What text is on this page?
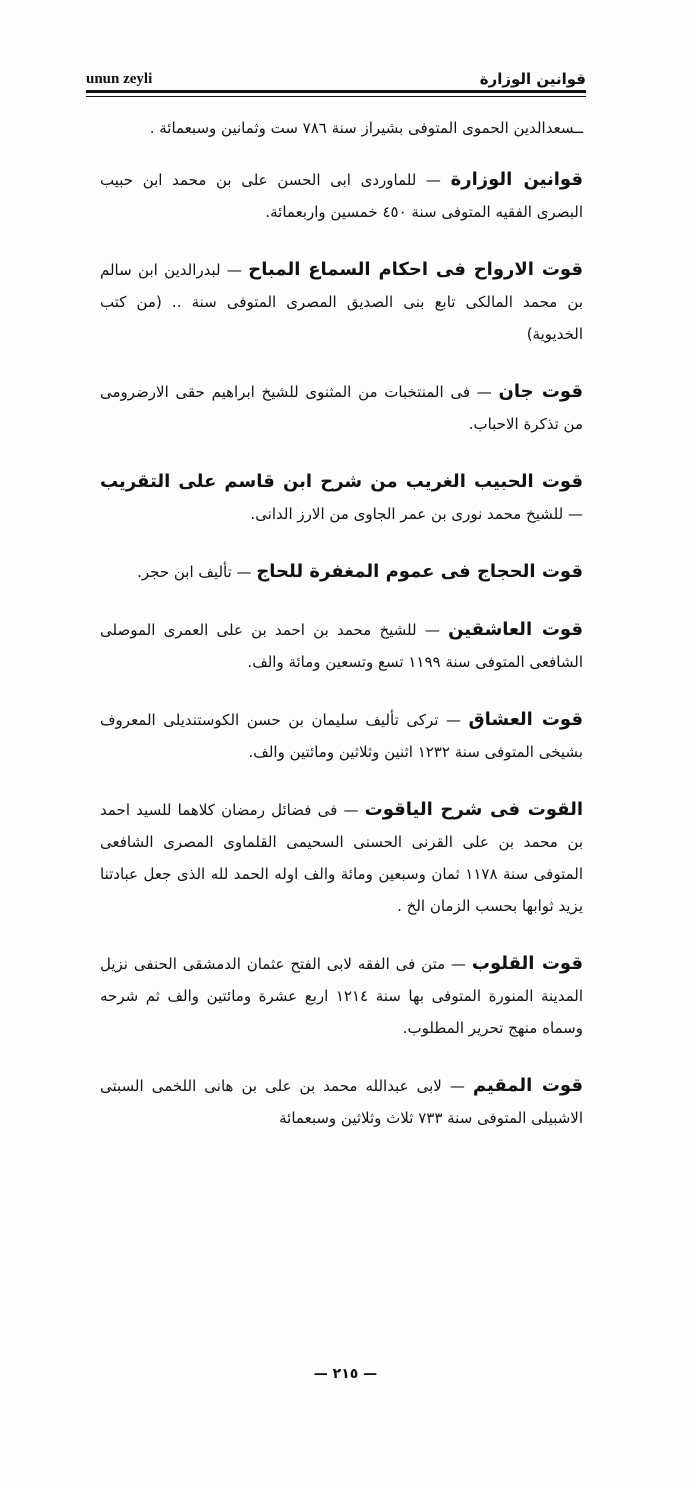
unun zeyli	قوانين الوزارة

ــسعدالدين الحموى المتوفى بشيراز سنة ٧٨٦ ست وثمانين وسبعمائة .

قوانين الوزارة — للماوردى ابى الحسن على بن محمد ابن حبيب البصرى الفقيه المتوفى سنة ٤٥٠ خمسين واربعمائة.

قوت الارواح فى احكام السماع المباح — لبدرالدين ابن سالم بن محمد المالكى تابع بنى الصديق المصرى المتوفى سنة .. (من كتب الخديوية)

قوت جان — فى المنتخبات من المثنوى للشيخ ابراهيم حقى الارضرومى من تذكرة الاحباب.

قوت الحبيب الغريب من شرح ابن قاسم على التقريب — للشيخ محمد نورى بن عمر الجاوى من الارز الدانى.

قوت الحجاج فى عموم المغفرة للحاج — تأليف ابن حجر.

قوت العاشقين — للشيخ محمد بن احمد بن على العمرى الموصلى الشافعى المتوفى سنة ١١٩٩ تسع وتسعين ومائة والف.

قوت العشاق — تركى تأليف سليمان بن حسن الكوستنديلى المعروف بشيخى المتوفى سنة ١٢٣٢ اثنين وثلاثين ومائتين والف.

القوت فى شرح الياقوت — فى فضائل رمضان كلاهما للسيد احمد بن محمد بن على القرنى الحسنى السحيمى القلماوى المصرى الشافعى المتوفى سنة ١١٧٨ ثمان وسبعين ومائة والف اوله الحمد لله الذى جعل عبادتنا يزيد ثوابها بحسب الزمان الخ .

قوت القلوب — متن فى الفقه لابى الفتح عثمان الدمشقى الحنفى نزيل المدينة المنورة المتوفى بها سنة ١٢١٤ اربع عشرة ومائتين والف ثم شرحه وسماه منهج تحرير المطلوب.

قوت المقيم — لابى عبدالله محمد بن على بن هانى اللخمى السبتى الاشبيلى المتوفى سنة ٧٣٣ ثلاث وثلاثين وسبعمائة

— ٢١٥ —
